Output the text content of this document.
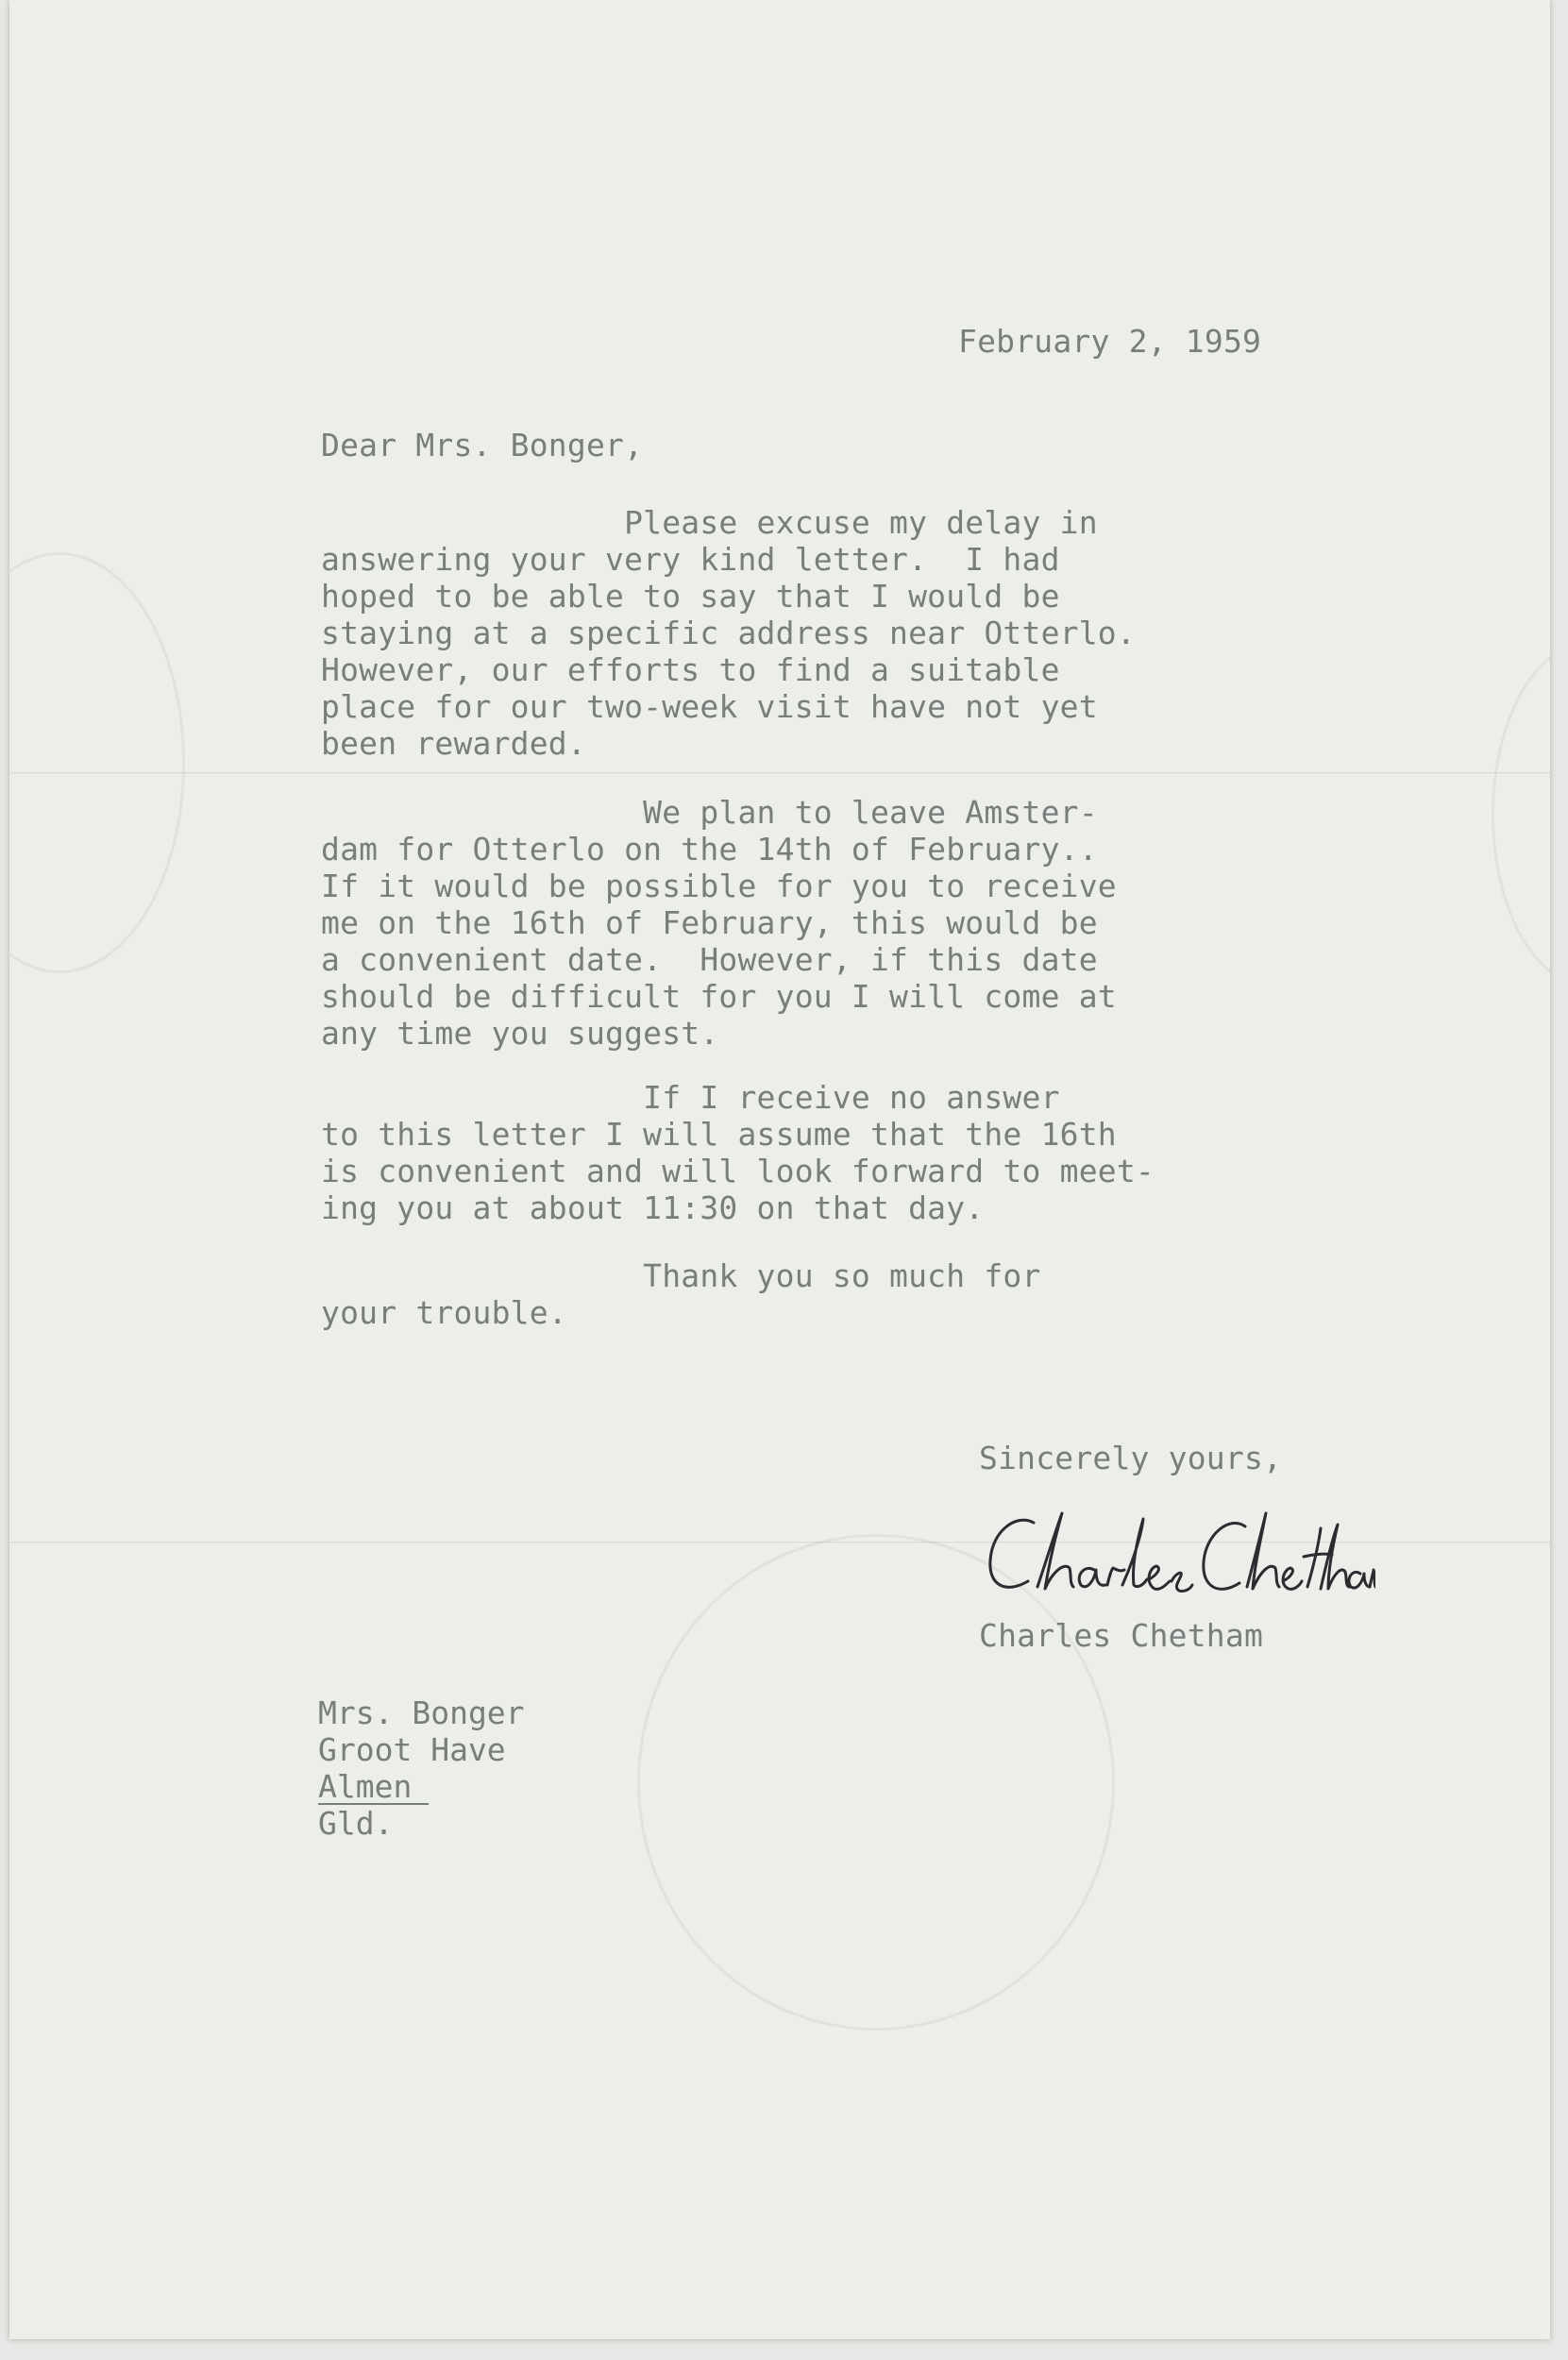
February 2, 1959

Dear Mrs. Bonger,

Please excuse my delay in
answering your very kind letter.  I had
hoped to be able to say that I would be
staying at a specific address near Otterlo.
However, our efforts to find a suitable
place for our two-week visit have not yet
been rewarded.

We plan to leave Amster-
dam for Otterlo on the 14th of February..
If it would be possible for you to receive
me on the 16th of February, this would be
a convenient date.  However, if this date
should be difficult for you I will come at
any time you suggest.

If I receive no answer
to this letter I will assume that the 16th
is convenient and will look forward to meet-
ing you at about 11:30 on that day.

Thank you so much for
your trouble.

Sincerely yours,

Charles Chetham

Mrs. Bonger
Groot Have
Almen
Gld.
